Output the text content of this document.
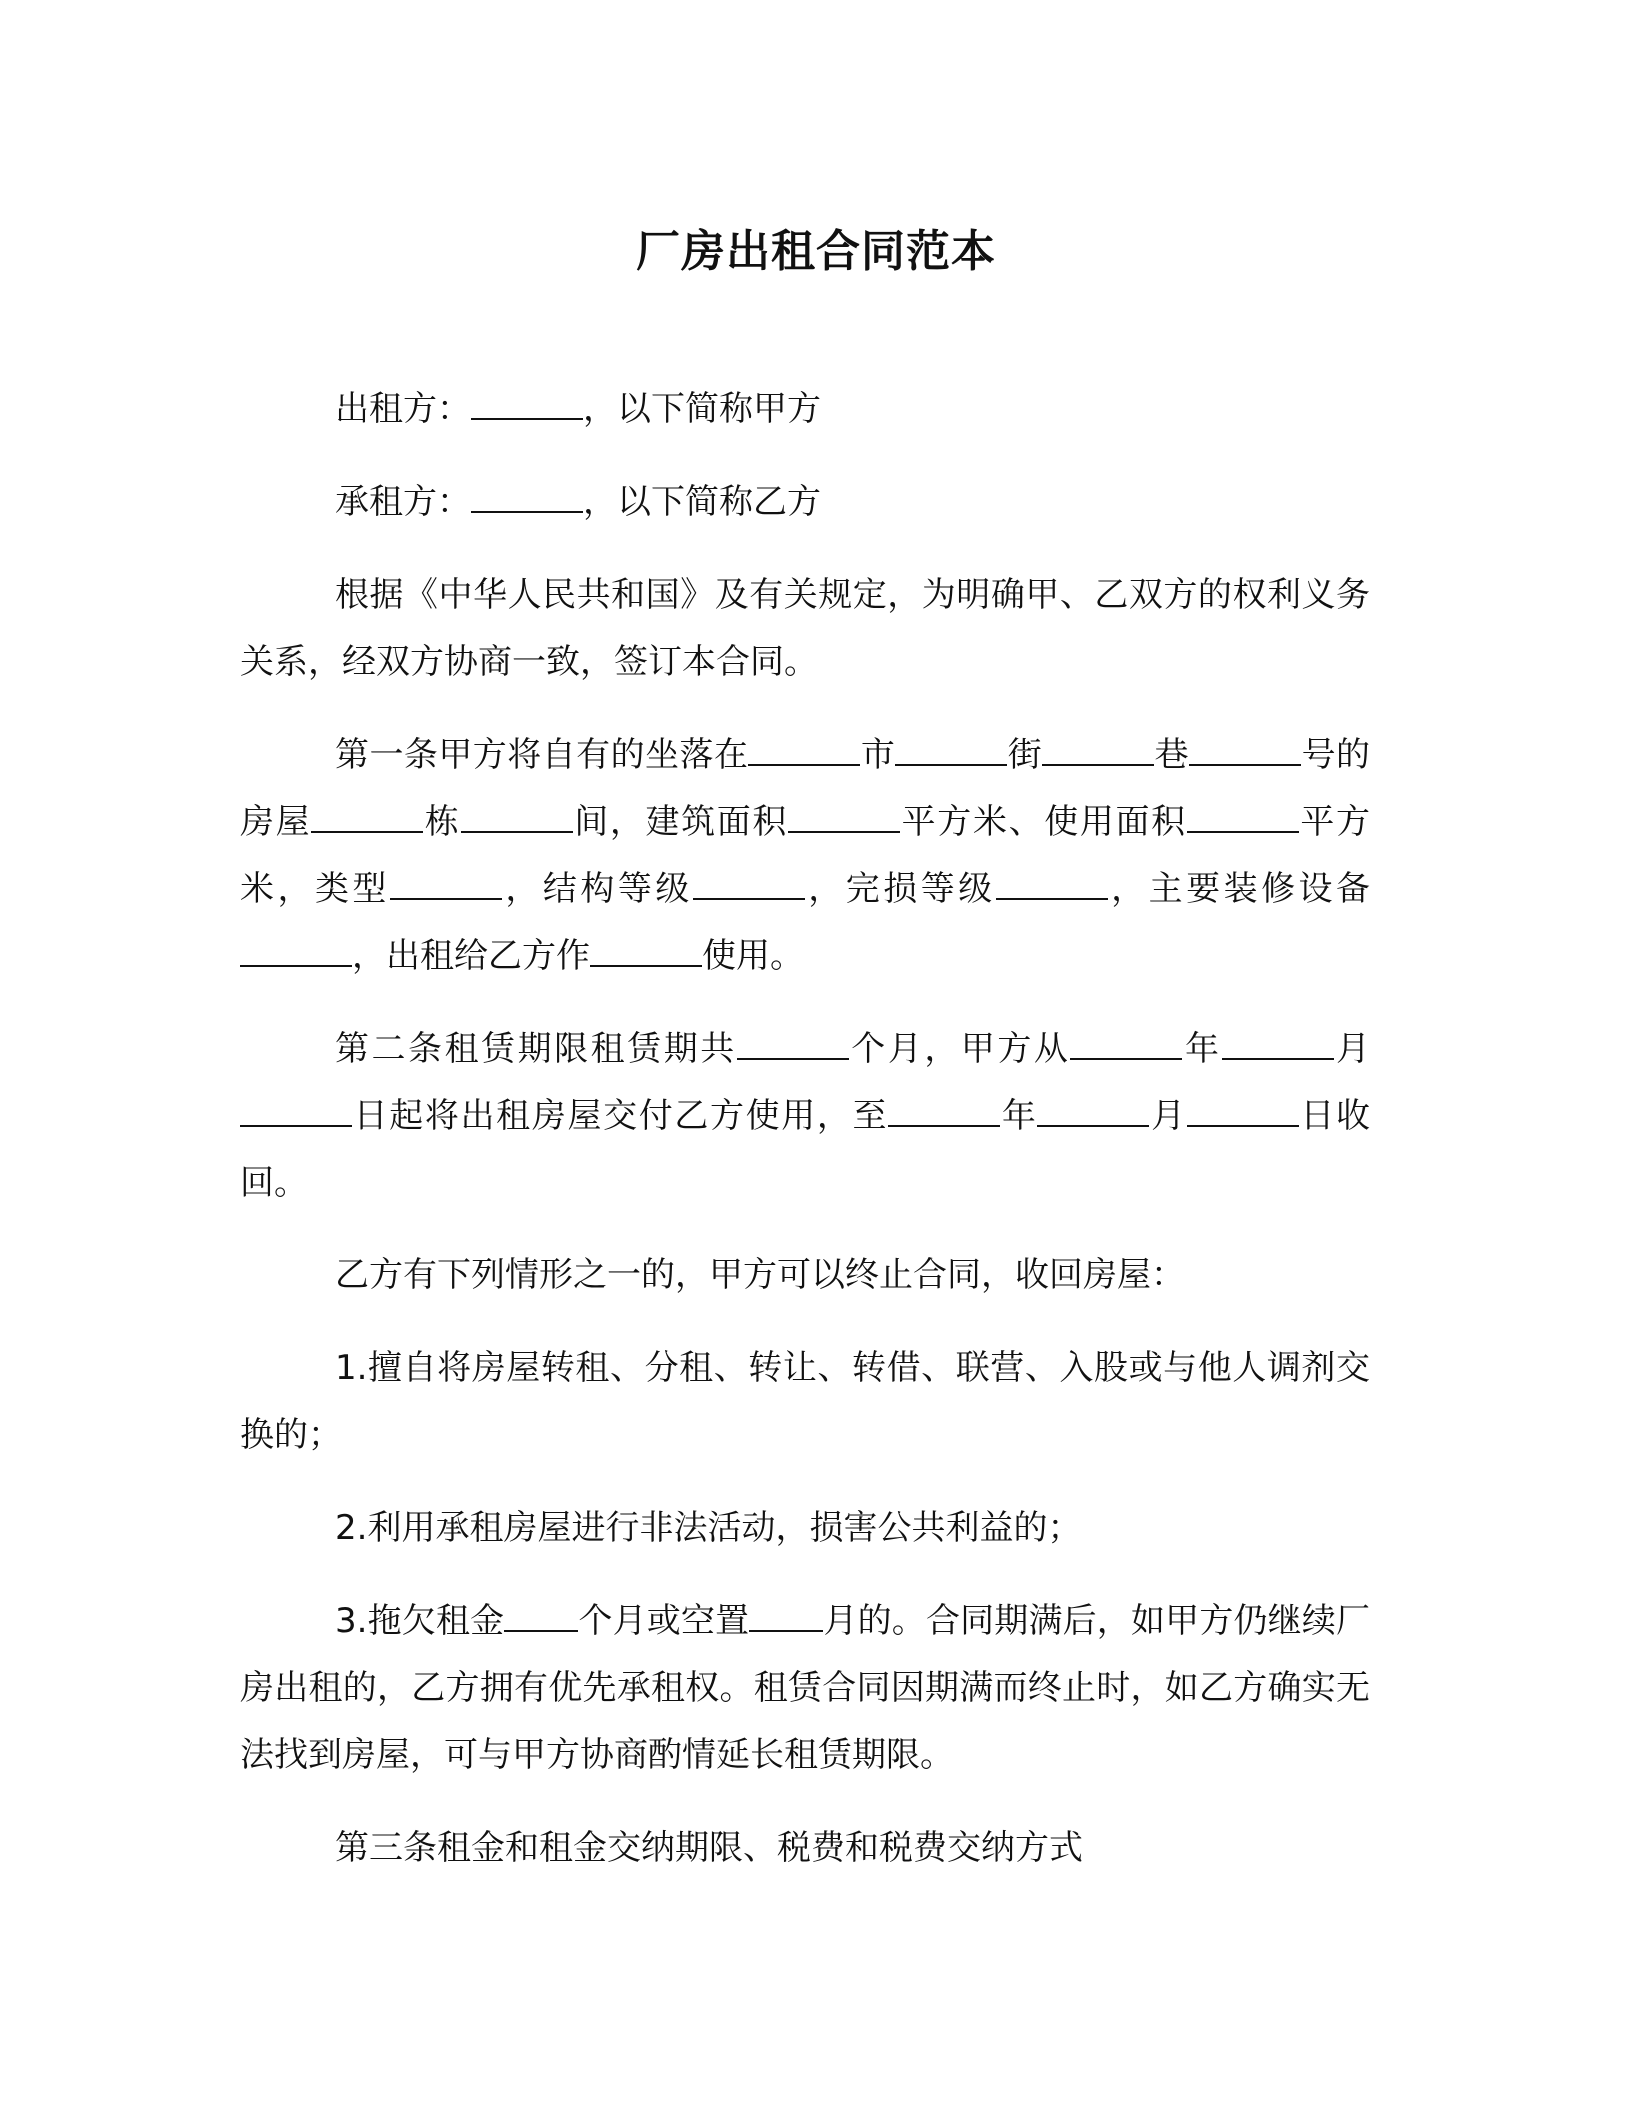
厂房出租合同范本

出租方：	，以下简称甲方

承租方：	，以下简称乙方

根据《中华人民共和国》及有关规定，为明确甲、乙双方的权利义务关系，经双方协商一致，签订本合同。

第一条甲方将自有的坐落在	市	街	巷	号的房屋	栋	间，建筑面积	平方米、使用面积	平方米，类型	，结构等级	，完损等级	，主要装修设备，出租给乙方作	使用。

第二条租赁期限租赁期共	个月，甲方从	年	月日起将出租房屋交付乙方使用，至	年	月	日收回。

乙方有下列情形之一的，甲方可以终止合同，收回房屋：

1.擅自将房屋转租、分租、转让、转借、联营、入股或与他人调剂交换的；

2.利用承租房屋进行非法活动，损害公共利益的；

3.拖欠租金 个月或空置 月的。合同期满后，如甲方仍继续厂房出租的，乙方拥有优先承租权。租赁合同因期满而终止时，如乙方确实无法找到房屋，可与甲方协商酌情延长租赁期限。

第三条租金和租金交纳期限、税费和税费交纳方式
